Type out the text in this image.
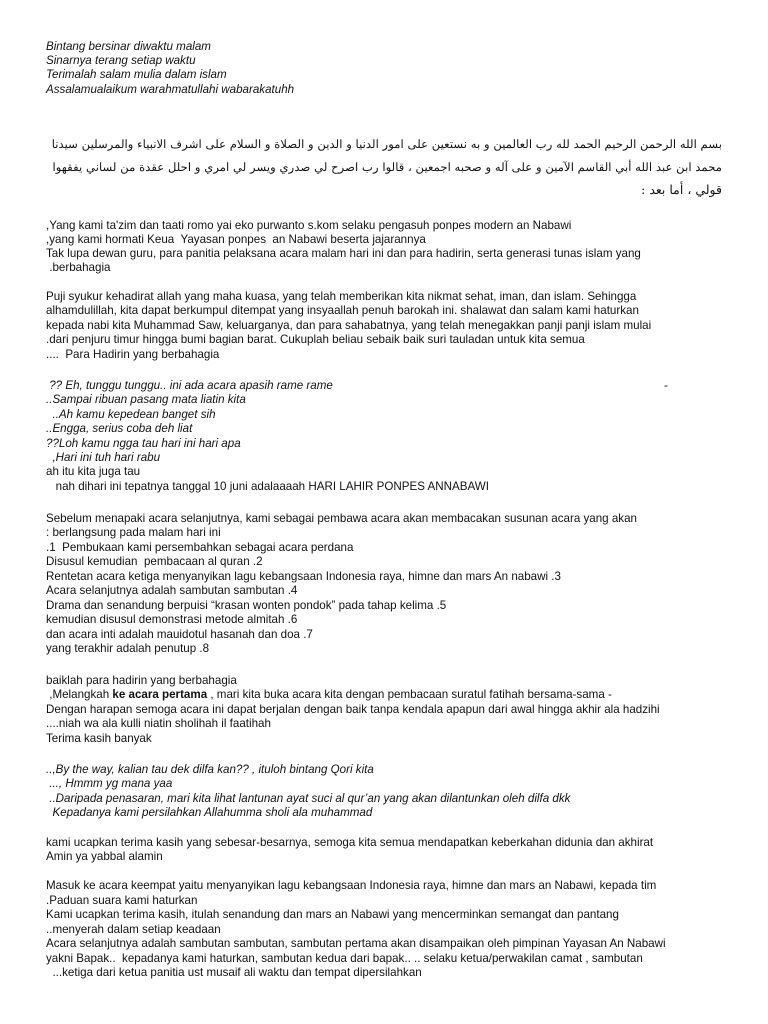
Bintang bersinar diwaktu malam
Sinarnya terang setiap waktu
Terimalah salam mulia dalam islam
Assalamualaikum warahmatullahi wabarakatuhh
بسم الله الرحمن الرحيم الحمد لله رب العالمين و به نستعين على امور الدنيا و الدين و الصلاة و السلام على اشرف الانبياء والمرسلين سيدنا
محمد ابن عبد الله أبي القاسم الآمين و على آله و صحبه اجمعين ، قالوا رب اصرح لي صدري ويسر لي امري و احلل عقدة من لساني يفقهوا
قولي ، أما بعد :
,Yang kami ta'zim dan taati romo yai eko purwanto s.kom selaku pengasuh ponpes modern an Nabawi
,yang kami hormati Keua  Yayasan ponpes  an Nabawi beserta jajarannya
Tak lupa dewan guru, para panitia pelaksana acara malam hari ini dan para hadirin, serta generasi tunas islam yang
.berbahagia
Puji syukur kehadirat allah yang maha kuasa, yang telah memberikan kita nikmat sehat, iman, dan islam. Sehingga
alhamdulillah, kita dapat berkumpul ditempat yang insyaallah penuh barokah ini. shalawat dan salam kami haturkan
kepada nabi kita Muhammad Saw, keluarganya, dan para sahabatnya, yang telah menegakkan panji panji islam mulai
.dari penjuru timur hingga bumi bagian barat. Cukuplah beliau sebaik baik suri tauladan untuk kita semua
....  Para Hadirin yang berbahagia
?? Eh, tunggu tunggu.. ini ada acara apasih rame rame	-
..Sampai ribuan pasang mata liatin kita
..Ah kamu kepedean banget sih
..Engga, serius coba deh liat
??Loh kamu ngga tau hari ini hari apa
,Hari ini tuh hari rabu
ah itu kita juga tau
nah dihari ini tepatnya tanggal 10 juni adalaaaah HARI LAHIR PONPES ANNABAWI
Sebelum menapaki acara selanjutnya, kami sebagai pembawa acara akan membacakan susunan acara yang akan
: berlangsung pada malam hari ini
.1  Pembukaan kami persembahkan sebagai acara perdana
Disusul kemudian  pembacaan al quran .2
Rentetan acara ketiga menyanyikan lagu kebangsaan Indonesia raya, himne dan mars An nabawi .3
Acara selanjutnya adalah sambutan sambutan .4
Drama dan senandung berpuisi “krasan wonten pondok” pada tahap kelima .5
kemudian disusul demonstrasi metode almitah .6
dan acara inti adalah mauidotul hasanah dan doa .7
yang terakhir adalah penutup .8
baiklah para hadirin yang berbahagia
,Melangkah ke acara pertama , mari kita buka acara kita dengan pembacaan suratul fatihah bersama-sama -
Dengan harapan semoga acara ini dapat berjalan dengan baik tanpa kendala apapun dari awal hingga akhir ala hadzihi
....niah wa ala kulli niatin sholihah il faatihah
Terima kasih banyak
..,By the way, kalian tau dek dilfa kan?? , ituloh bintang Qori kita
..., Hmmm yg mana yaa
..Daripada penasaran, mari kita lihat lantunan ayat suci al qur’an yang akan dilantunkan oleh dilfa dkk
Kepadanya kami persilahkan Allahumma sholi ala muhammad
kami ucapkan terima kasih yang sebesar-besarnya, semoga kita semua mendapatkan keberkahan didunia dan akhirat
Amin ya yabbal alamin
Masuk ke acara keempat yaitu menyanyikan lagu kebangsaan Indonesia raya, himne dan mars an Nabawi, kepada tim
.Paduan suara kami haturkan
Kami ucapkan terima kasih, itulah senandung dan mars an Nabawi yang mencerminkan semangat dan pantang
..menyerah dalam setiap keadaan
Acara selanjutnya adalah sambutan sambutan, sambutan pertama akan disampaikan oleh pimpinan Yayasan An Nabawi
yakni Bapak..  kepadanya kami haturkan, sambutan kedua dari bapak.. .. selaku ketua/perwakilan camat , sambutan
...ketiga dari ketua panitia ust musaif ali waktu dan tempat dipersilahkan
